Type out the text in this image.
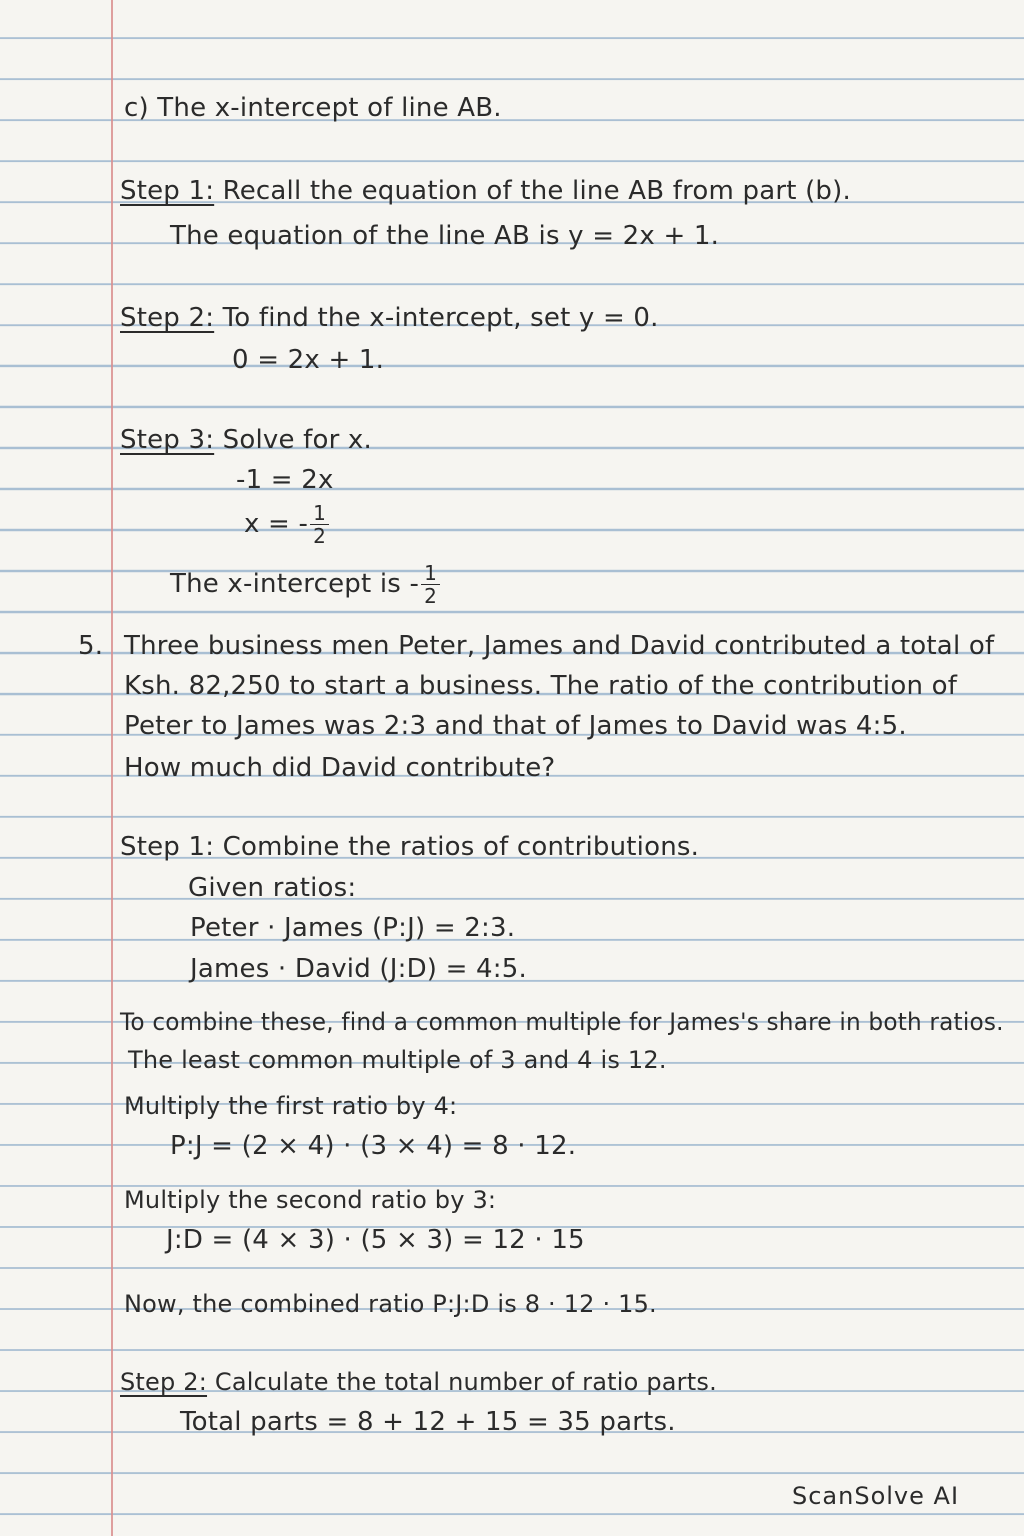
c) The x-intercept of line AB.
Step 1: Recall the equation of the line AB from part (b).
The equation of the line AB is y = 2x + 1.
Step 2: To find the x-intercept, set y = 0.
0 = 2x + 1.
Step 3: Solve for x.
-1 = 2x
x = - $\frac{1}{2}$
The x-intercept is - $\frac{1}{2}$
5. Three business men Peter, James and David contributed a total of
Ksh. 82,250 to start a business. The ratio of the contribution of
Peter to James was 2:3 and that of James to David was 4:5.
How much did David contribute?
Step 1: Combine the ratios of contributions.
Given ratios:
Peter · James (P:J) = 2:3.
James · David (J:D) = 4:5.
To combine these, find a common multiple for James's share in both ratios.
The least common multiple of 3 and 4 is 12.
Multiply the first ratio by 4:
P:J = (2 × 4) · (3 × 4) = 8 · 12.
Multiply the second ratio by 3:
J:D = (4 × 3) · (5 × 3) = 12 · 15
Now, the combined ratio P:J:D is 8 · 12 · 15.
Step 2: Calculate the total number of ratio parts.
Total parts = 8 + 12 + 15 = 35 parts.
ScanSolve AI
